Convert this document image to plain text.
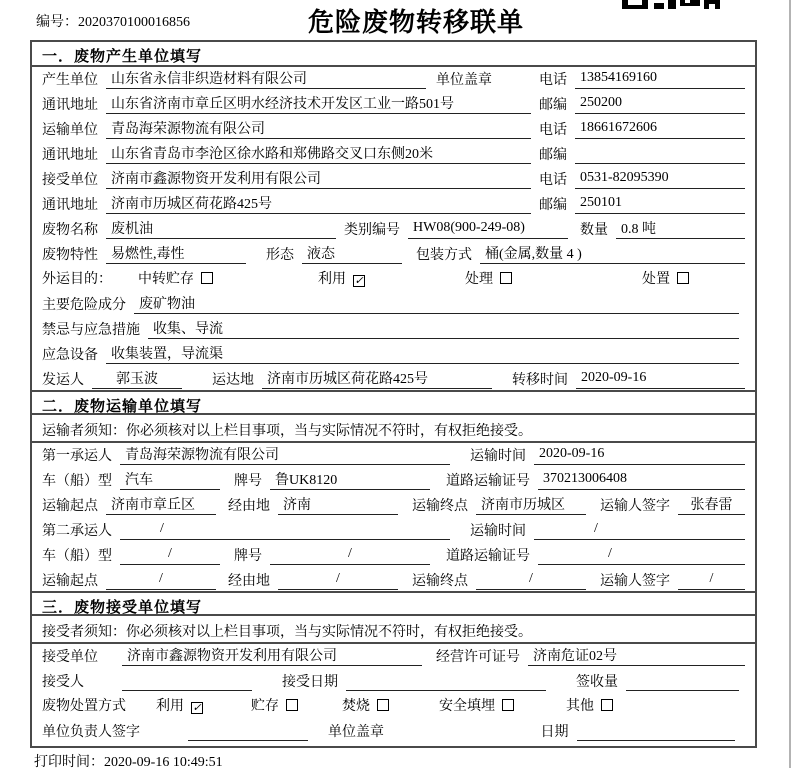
编号：2020370100016856	危险废物转移联单
一．废物产生单位填写
产生单位 山东省永信非织造材料有限公司	单位盖章	电话 13854169160
通讯地址 山东省济南市章丘区明水经济技术开发区工业一路501号	邮编 250200
运输单位 青岛海荣源物流有限公司	电话 18661672606
通讯地址 山东省青岛市李沧区徐水路和郑佛路交叉口东侧20米	邮编
接受单位 济南市鑫源物资开发利用有限公司	电话 0531-82095390
通讯地址 济南市历城区荷花路425号	邮编 250101
废物名称 废机油	类别编号 HW08(900-249-08)	数量 0.8 吨
废物特性 易燃性,毒性	形态 液态	包装方式 桶(金属,数量 4 )
外运目的： 中转贮存	利用 ✓	处理	处置
主要危险成分 废矿物油
禁忌与应急措施 收集、导流
应急设备 收集装置，导流渠
发运人	郭玉波	运达地 济南市历城区荷花路425号	转移时间 2020-09-16
二．废物运输单位填写
运输者须知：你必须核对以上栏目事项，当与实际情况不符时，有权拒绝接受。
第一承运人 青岛海荣源物流有限公司	运输时间 2020-09-16
车（船）型 汽车	牌号 鲁UK8120	道路运输证号 370213006408
运输起点 济南市章丘区	经由地 济南	运输终点 济南市历城区	运输人签字	张春雷
第二承运人	/	运输时间	/
车（船）型	/	牌号	/	道路运输证号	/
运输起点	/	经由地	/	运输终点	/	运输人签字	/
三．废物接受单位填写
接受者须知：你必须核对以上栏目事项，当与实际情况不符时，有权拒绝接受。
接受单位	济南市鑫源物资开发利用有限公司	经营许可证号 济南危证02号
接受人	接受日期	签收量
废物处置方式 利用 ✓	贮存	焚烧	安全填埋	其他
单位负责人签字	单位盖章	日期
打印时间：2020-09-16 10:49:51
